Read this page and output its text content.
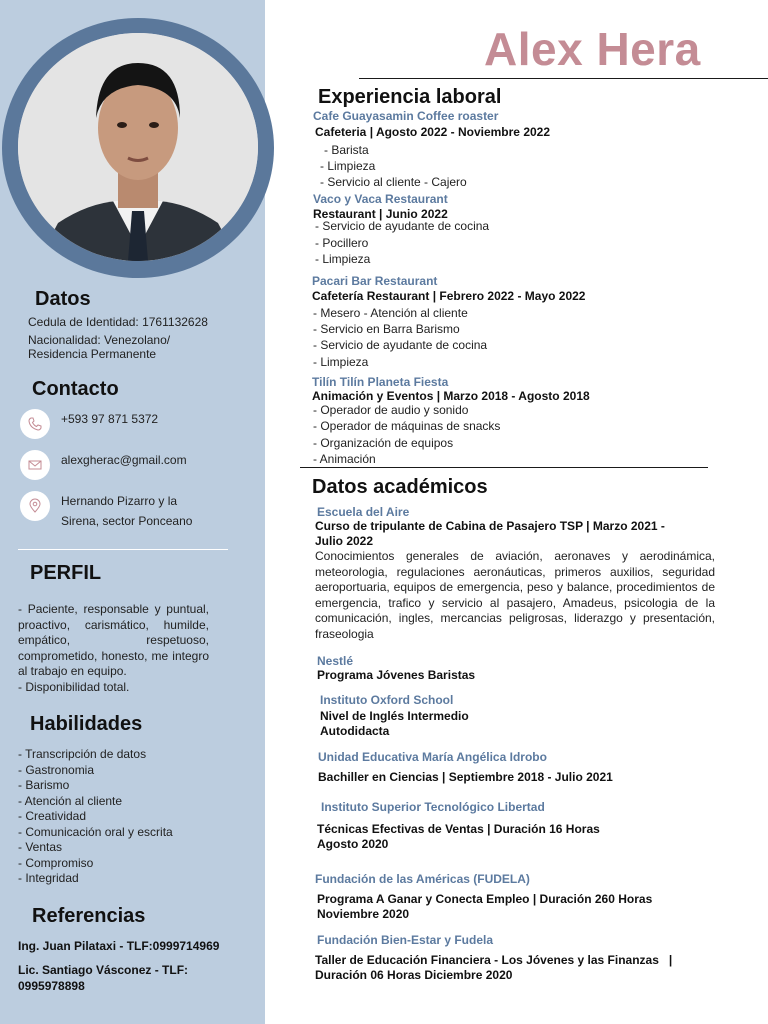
Datos
Cedula de Identidad: 1761132628
Nacionalidad: Venezolano/
Residencia Permanente
Contacto
+593 97 871 5372
alexgherac@gmail.com
Hernando Pizarro y la
Sirena, sector Ponceano
PERFIL
- Paciente, responsable y puntual, proactivo, carismático, humilde, empático, respetuoso, comprometido, honesto, me integro al trabajo en equipo.
- Disponibilidad total.
Habilidades
- Transcripción de datos
- Gastronomia
- Barismo
- Atención al cliente
- Creatividad
- Comunicación oral y escrita
- Ventas
- Compromiso
- Integridad
Referencias
Ing. Juan Pilataxi - TLF:0999714969
Lic. Santiago Vásconez - TLF:
0995978898
Alex Hera
Experiencia laboral
Cafe Guayasamin Coffee roaster
Cafeteria | Agosto 2022 - Noviembre 2022
- Barista
- Limpieza
- Servicio al cliente - Cajero
Vaco y Vaca Restaurant
Restaurant | Junio 2022
- Servicio de ayudante de cocina
- Pocillero
- Limpieza
Pacari Bar Restaurant
Cafetería Restaurant | Febrero 2022 - Mayo 2022
- Mesero - Atención al cliente
- Servicio en Barra Barismo
- Servicio de ayudante de cocina
- Limpieza
Tilín Tilín Planeta Fiesta
Animación y Eventos | Marzo 2018 - Agosto 2018
- Operador de audio y sonido
- Operador de máquinas de snacks
- Organización de equipos
- Animación
Datos académicos
Escuela del Aire
Curso de tripulante de Cabina de Pasajero TSP | Marzo 2021 -
Julio 2022
Conocimientos generales de aviación, aeronaves y aerodinámica, meteorologia, regulaciones aeronáuticas, primeros auxilios, seguridad aeroportuaria, equipos de emergencia, peso y balance, procedimientos de emergencia, trafico y servicio al pasajero, Amadeus, psicologia de la comunicación, ingles, mercancias peligrosas, liderazgo y presentación, fraseologia
Nestlé
Programa Jóvenes Baristas
Instituto Oxford School
Nivel de Inglés Intermedio
Autodidacta
Unidad Educativa María Angélica Idrobo
Bachiller en Ciencias | Septiembre 2018 - Julio 2021
Instituto Superior Tecnológico Libertad
Técnicas Efectivas de Ventas | Duración 16 Horas
Agosto 2020
Fundación de las Américas (FUDELA)
Programa A Ganar y Conecta Empleo | Duración 260 Horas
Noviembre 2020
Fundación Bien-Estar y Fudela
Taller de Educación Financiera - Los Jóvenes y las Finanzas   |
Duración 06 Horas Diciembre 2020
